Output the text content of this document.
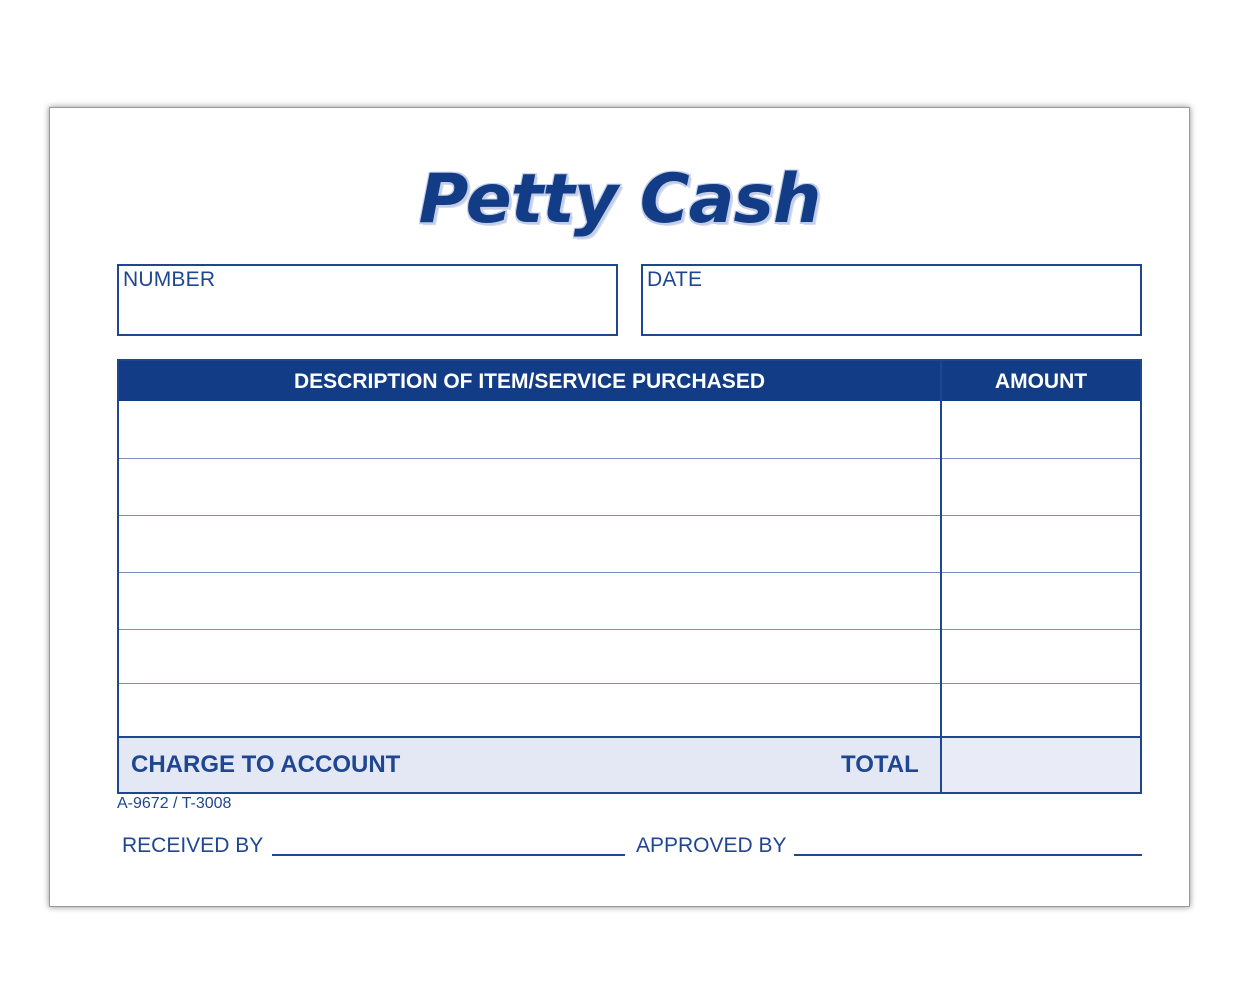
Petty Cash
NUMBER	DATE
DESCRIPTION OF ITEM/SERVICE PURCHASED	AMOUNT
CHARGE TO ACCOUNT	TOTAL
A-9672 / T-3008
RECEIVED BY	APPROVED BY
